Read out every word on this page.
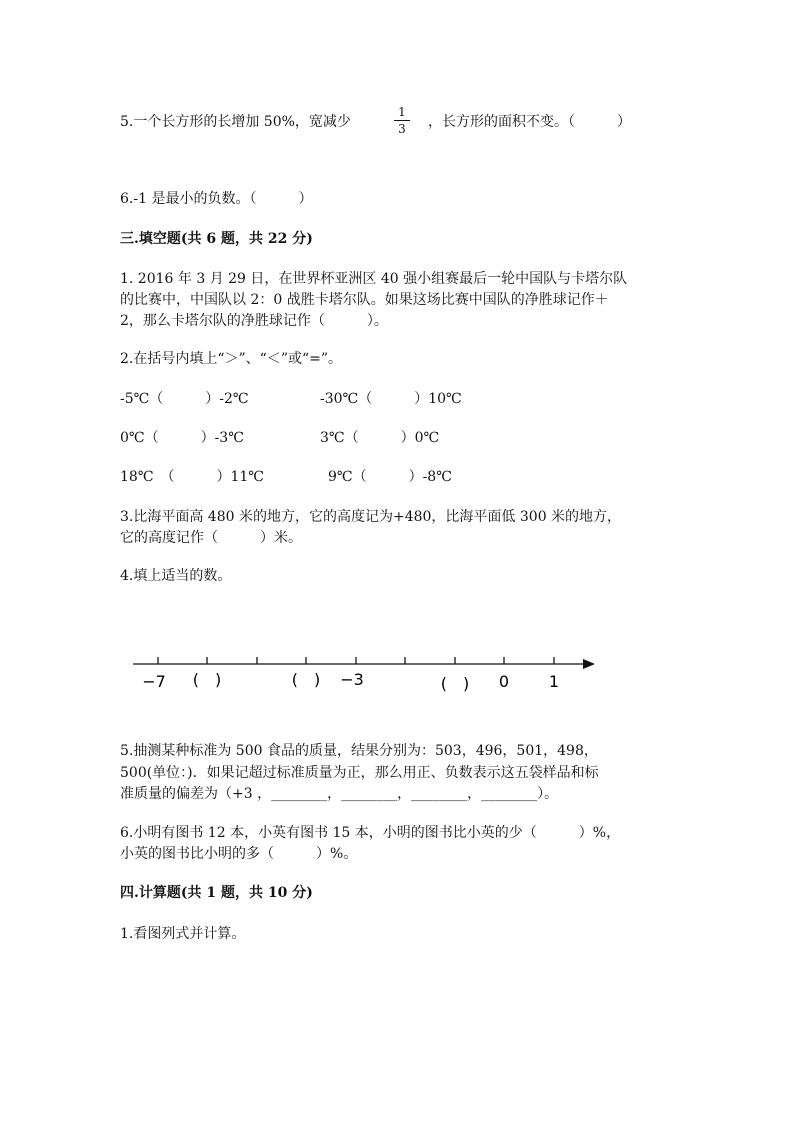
5.一个长方形的长增加 50%，宽减少
1
3 ，长方形的面积不变。（　　　）
6.-1 是最小的负数。（　　　）
三.填空题(共 6 题，共 22 分)
1. 2016 年 3 月 29 日，在世界杯亚洲区 40 强小组赛最后一轮中国队与卡塔尔队
的比赛中，中国队以 2：0 战胜卡塔尔队。如果这场比赛中国队的净胜球记作＋
2，那么卡塔尔队的净胜球记作（　　　）。
2.在括号内填上“＞”、“＜”或“=”。
-5℃（　　　）-2℃	-30℃（　　　）10℃
0℃（　　　）-3℃	3℃（　　　）0℃
18℃　（　　　）11℃	9℃（　　　）-8℃
3.比海平面高 480 米的地方，它的高度记为+480，比海平面低 300 米的地方，
它的高度记作（　　　）米。
4.填上适当的数。
−7 (　)	(　) −3	(　) 0 1
5.抽测某种标准为 500 食品的质量，结果分别为：503，496，501，498，
500(单位：)．如果记超过标准质量为正，那么用正、负数表示这五袋样品和标
准质量的偏差为（+3 ，________，________，________，________）。
6.小明有图书 12 本，小英有图书 15 本，小明的图书比小英的少（　　　）%，
小英的图书比小明的多（　　　）%。
四.计算题(共 1 题，共 10 分)
1.看图列式并计算。
